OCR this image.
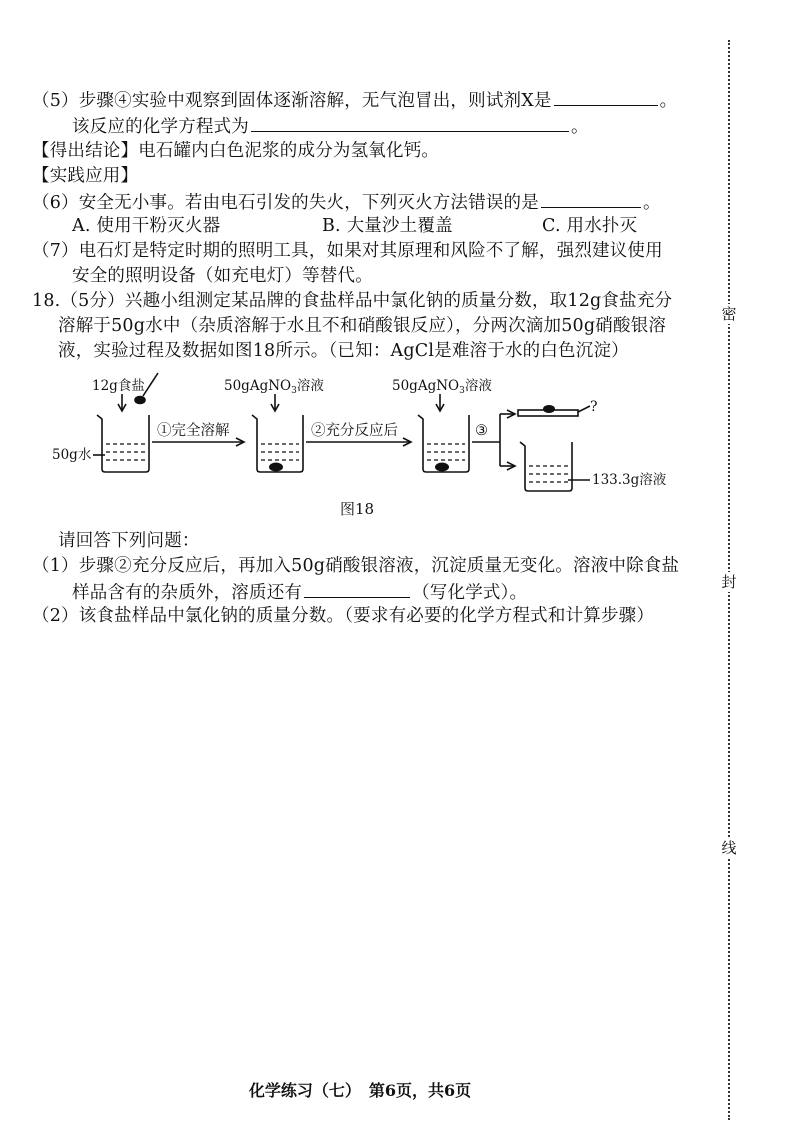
密
封
线
（5）步骤④实验中观察到固体逐渐溶解，无气泡冒出，则试剂X是	。
该反应的化学方程式为	。
【得出结论】电石罐内白色泥浆的成分为氢氧化钙。
【实践应用】
（6）安全无小事。若由电石引发的失火，下列灭火方法错误的是	。
A. 使用干粉灭火器	B. 大量沙土覆盖	C. 用水扑灭
（7）电石灯是特定时期的照明工具，如果对其原理和风险不了解，强烈建议使用
安全的照明设备（如充电灯）等替代。
18.（5分）兴趣小组测定某品牌的食盐样品中氯化钠的质量分数，取12g食盐充分
溶解于50g水中（杂质溶解于水且不和硝酸银反应），分两次滴加50g硝酸银溶
液，实验过程及数据如图18所示。（已知：AgCl是难溶于水的白色沉淀）
12g食盐
50g水
50gAgNO$_3$溶液	50gAgNO$_3$溶液
①完全溶解	②充分反应后	③
?
133.3g溶液
图18
请回答下列问题：
（1）步骤②充分反应后，再加入50g硝酸银溶液，沉淀质量无变化。溶液中除食盐
样品含有的杂质外，溶质还有	（写化学式）。
（2）该食盐样品中氯化钠的质量分数。（要求有必要的化学方程式和计算步骤）
化学练习（七）　第6页，共6页
